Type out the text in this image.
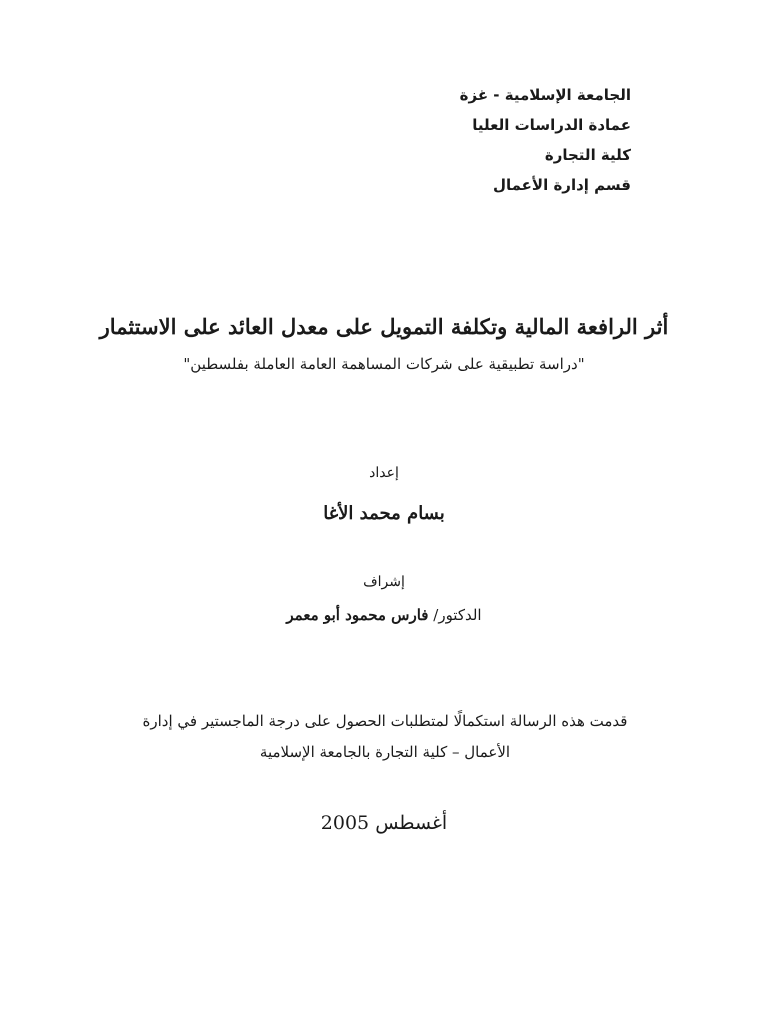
الجامعة الإسلامية - غزة
عمادة الدراسات العليا
كلية التجارة
قسم إدارة الأعمال
أثر الرافعة المالية وتكلفة التمويل على معدل العائد على الاستثمار
"دراسة تطبيقية على شركات المساهمة العامة العاملة بفلسطين"
إعداد
بسام محمد الأغا
إشراف
الدكتور/ فارس محمود أبو معمر
قدمت هذه الرسالة استكمالًا لمتطلبات الحصول على درجة الماجستير في إدارة
الأعمال – كلية التجارة بالجامعة الإسلامية
أغسطس 2005
